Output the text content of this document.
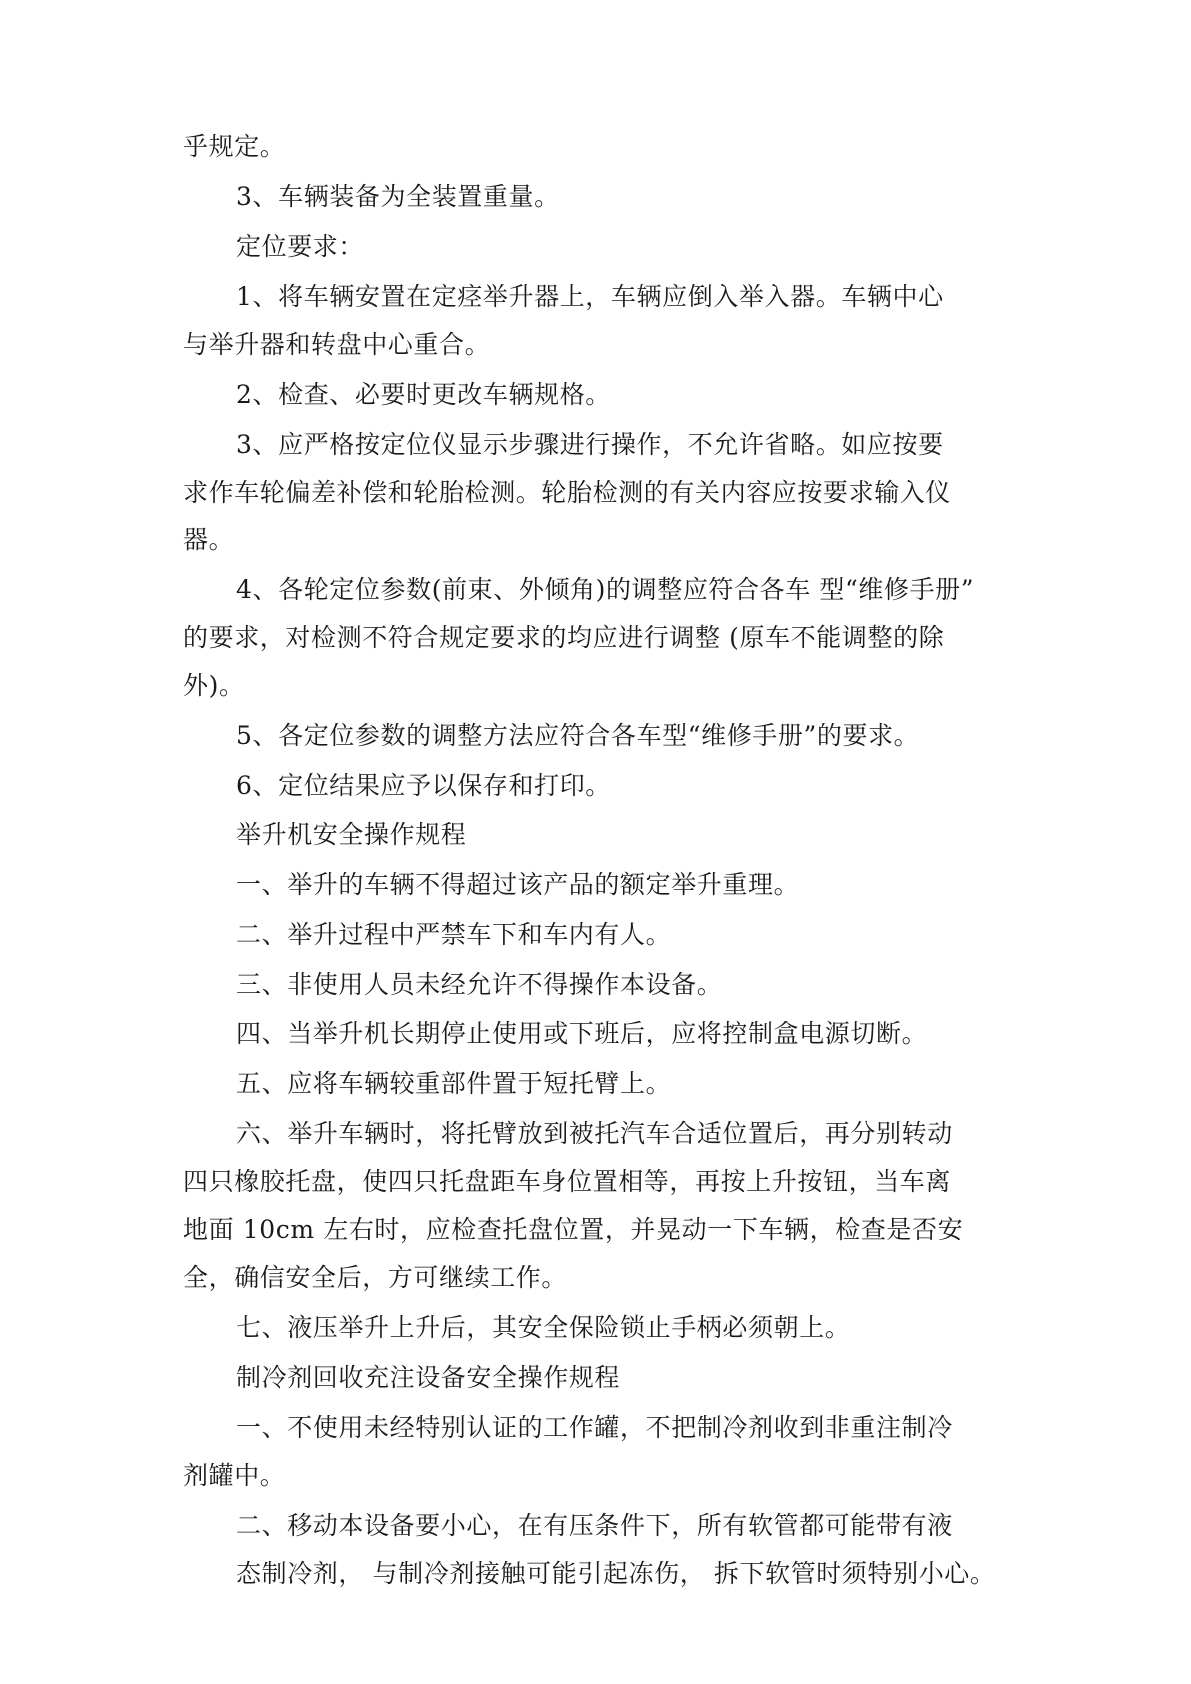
乎规定。
3、车辆装备为全装置重量。
定位要求：
1、将车辆安置在定痉举升器上，车辆应倒入举入器。车辆中心
与举升器和转盘中心重合。
2、检查、必要时更改车辆规格。
3、应严格按定位仪显示步骤进行操作，不允许省略。如应按要
求作车轮偏差补偿和轮胎检测。轮胎检测的有关内容应按要求输入仪
器。
4、各轮定位参数(前束、外倾角)的调整应符合各车 型“维修手册”
的要求，对检测不符合规定要求的均应进行调整 (原车不能调整的除
外)。
5、各定位参数的调整方法应符合各车型“维修手册”的要求。
6、定位结果应予以保存和打印。
举升机安全操作规程
一、举升的车辆不得超过该产品的额定举升重理。
二、举升过程中严禁车下和车内有人。
三、非使用人员未经允许不得操作本设备。
四、当举升机长期停止使用或下班后，应将控制盒电源切断。
五、应将车辆较重部件置于短托臂上。
六、举升车辆时，将托臂放到被托汽车合适位置后，再分别转动
四只橡胶托盘，使四只托盘距车身位置相等，再按上升按钮，当车离
地面 10cm 左右时，应检查托盘位置，并晃动一下车辆，检查是否安
全，确信安全后，方可继续工作。
七、液压举升上升后，其安全保险锁止手柄必须朝上。
制冷剂回收充注设备安全操作规程
一、不使用未经特别认证的工作罐，不把制冷剂收到非重注制冷
剂罐中。
二、移动本设备要小心，在有压条件下，所有软管都可能带有液
态制冷剂， 与制冷剂接触可能引起冻伤， 拆下软管时须特别小心。
